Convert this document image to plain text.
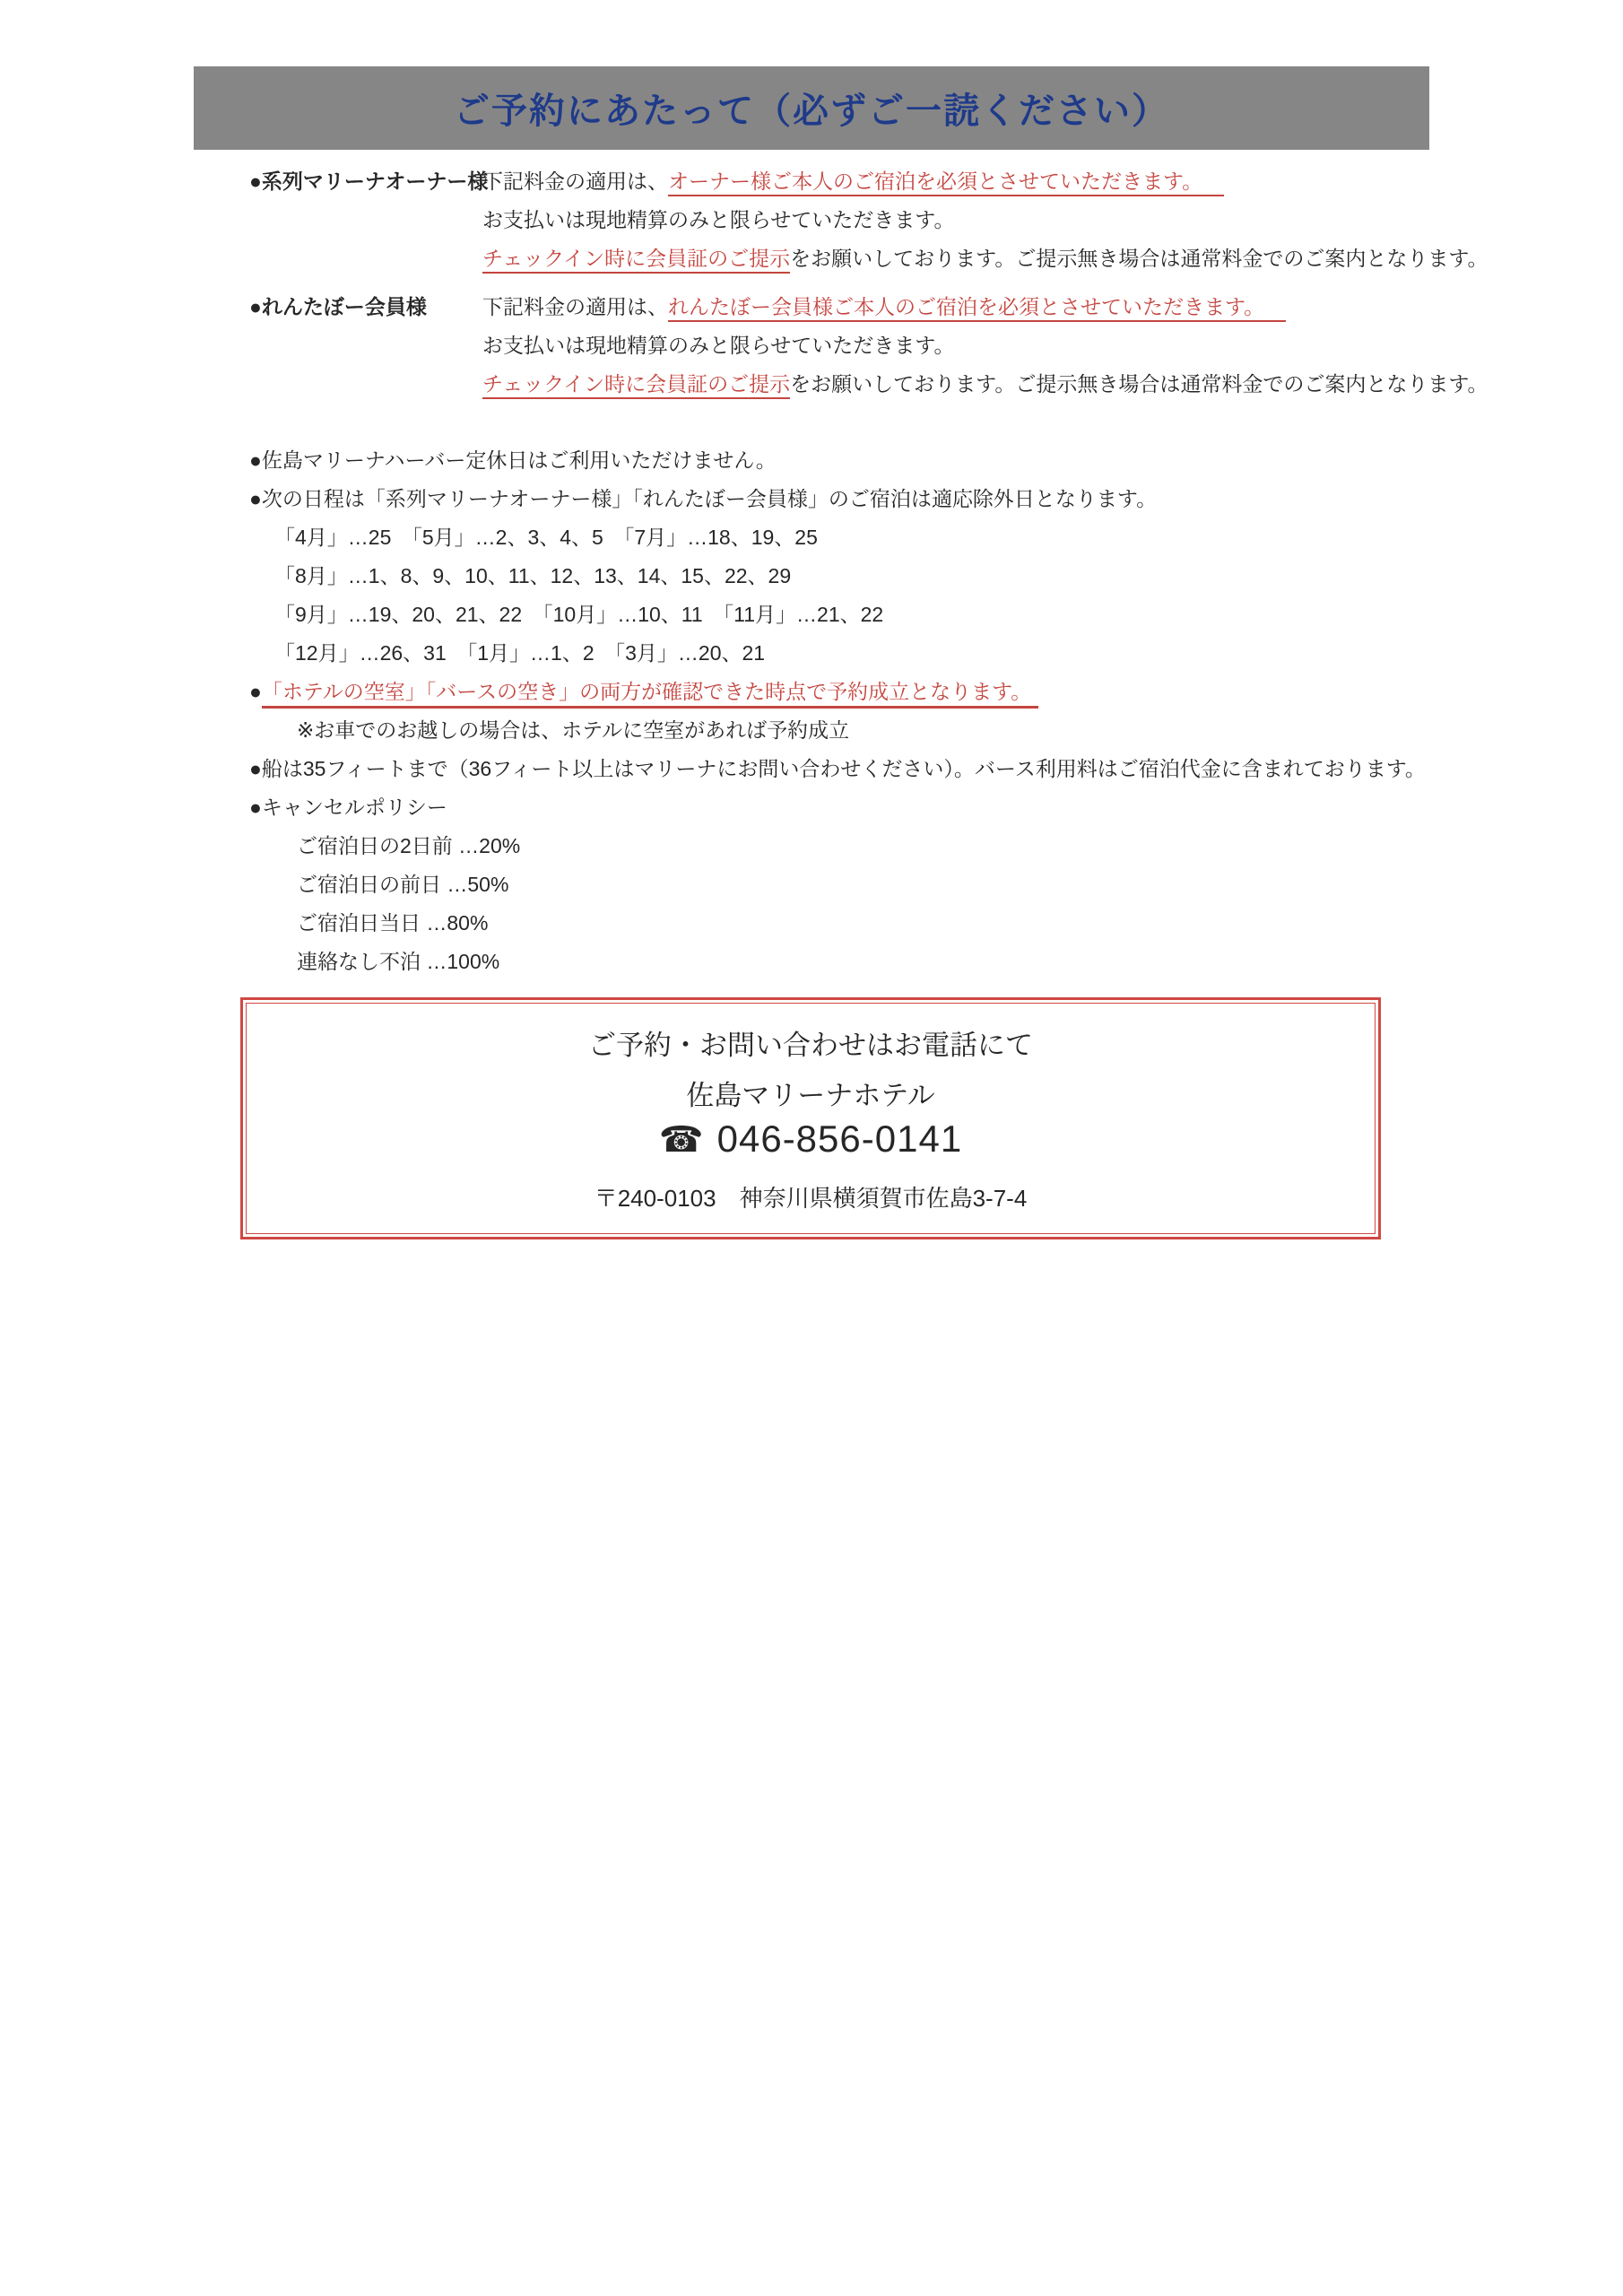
ご予約にあたって（必ずご一読ください）
●系列マリーナオーナー様
下記料金の適用は、オーナー様ご本人のご宿泊を必須とさせていただきます。
お支払いは現地精算のみと限らせていただきます。
チェックイン時に会員証のご提示をお願いしております。ご提示無き場合は通常料金でのご案内となります。
●れんたぼー会員様	下記料金の適用は、れんたぼー会員様ご本人のご宿泊を必須とさせていただきます。
お支払いは現地精算のみと限らせていただきます。
チェックイン時に会員証のご提示をお願いしております。ご提示無き場合は通常料金でのご案内となります。
●佐島マリーナハーバー定休日はご利用いただけません。
●次の日程は「系列マリーナオーナー様」「れんたぼー会員様」のご宿泊は適応除外日となります。
「4月」…25　「5月」…2、3、4、5　「7月」…18、19、25
「8月」…1、8、9、10、11、12、13、14、15、22、29
「9月」…19、20、21、22　「10月」…10、11　「11月」…21、22
「12月」…26、31　「1月」…1、2　「3月」…20、21
●「ホテルの空室」「バースの空き」の両方が確認できた時点で予約成立となります。
※お車でのお越しの場合は、ホテルに空室があれば予約成立
●船は35フィートまで（36フィート以上はマリーナにお問い合わせください）。バース利用料はご宿泊代金に含まれております。
●キャンセルポリシー
ご宿泊日の2日前 …20%
ご宿泊日の前日 …50%
ご宿泊日当日 …80%
連絡なし不泊 …100%
ご予約・お問い合わせはお電話にて
佐島マリーナホテル
☎ 046-856-0141
〒240-0103　神奈川県横須賀市佐島3-7-4
